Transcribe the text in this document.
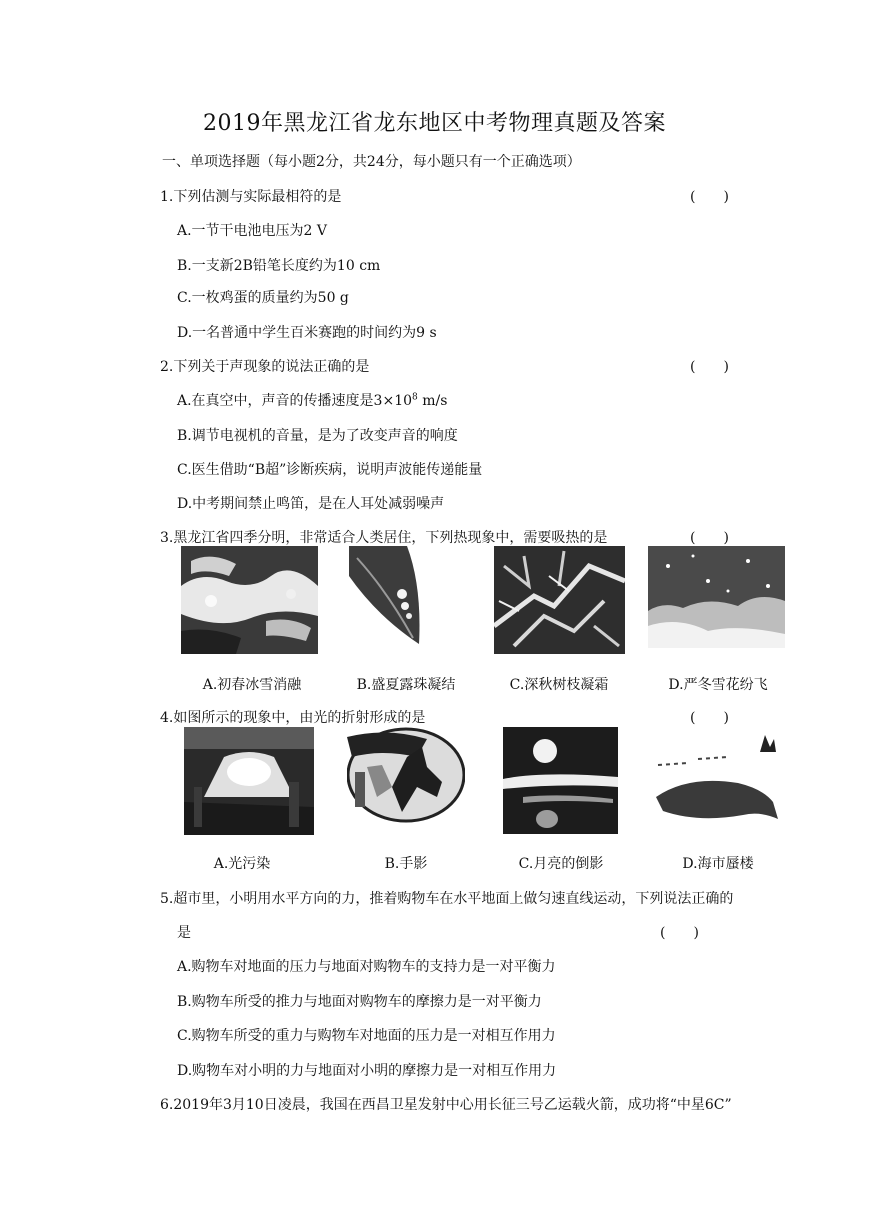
2019年黑龙江省龙东地区中考物理真题及答案
一、单项选择题（每小题2分，共24分，每小题只有一个正确选项）
1.下列估测与实际最相符的是	(　　)
A.一节干电池电压为2 V
B.一支新2B铅笔长度约为10 cm
C.一枚鸡蛋的质量约为50 g
D.一名普通中学生百米赛跑的时间约为9 s
2.下列关于声现象的说法正确的是	(　　)
A.在真空中，声音的传播速度是$3\times 10^8$ m/s
B.调节电视机的音量，是为了改变声音的响度
C.医生借助“B超”诊断疾病，说明声波能传递能量
D.中考期间禁止鸣笛，是在人耳处减弱噪声
3.黑龙江省四季分明，非常适合人类居住，下列热现象中，需要吸热的是	(　　)
A.初春冰雪消融	B.盛夏露珠凝结	C.深秋树枝凝霜	D.严冬雪花纷飞
4.如图所示的现象中，由光的折射形成的是	(　　)
A.光污染	B.手影	C.月亮的倒影	D.海市蜃楼
5.超市里，小明用水平方向的力，推着购物车在水平地面上做匀速直线运动，下列说法正确的
是	(　　)
A.购物车对地面的压力与地面对购物车的支持力是一对平衡力
B.购物车所受的推力与地面对购物车的摩擦力是一对平衡力
C.购物车所受的重力与购物车对地面的压力是一对相互作用力
D.购物车对小明的力与地面对小明的摩擦力是一对相互作用力
6.2019年3月10日凌晨，我国在西昌卫星发射中心用长征三号乙运载火箭，成功将“中星6C”
